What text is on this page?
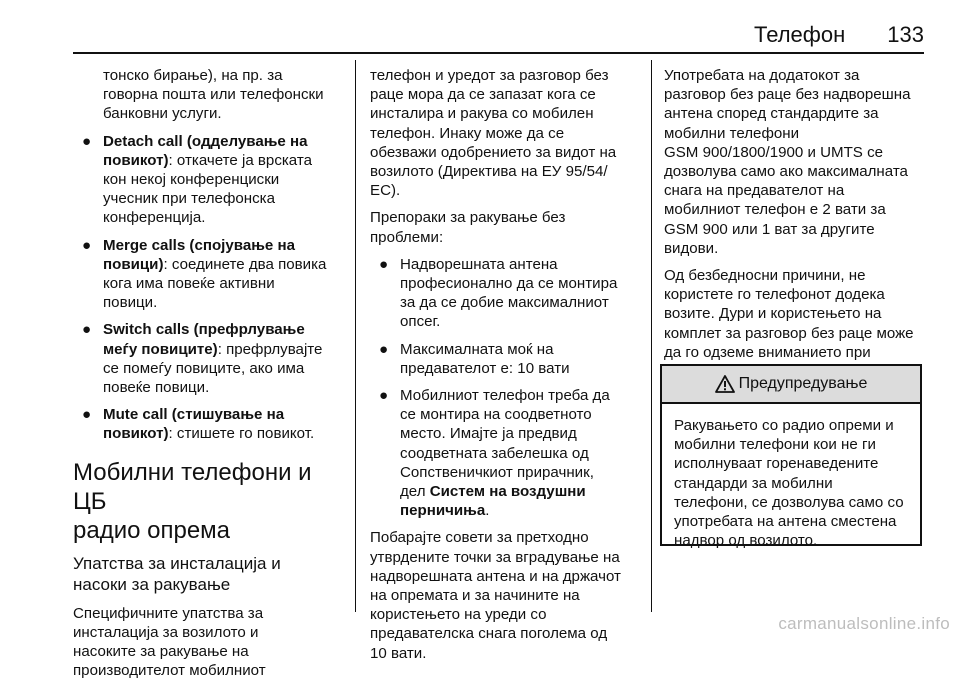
Телефон 133
тонско бирање), на пр. за
говорна пошта или телефонски
банковни услуги.
● Detach call (одделување на
повикот): откачете ја врската
кон некој конференциски
учесник при телефонска
конференција.
● Merge calls (спојување на
повици): соединете два повика
кога има повеќе активни
повици.
● Switch calls (префрлување
меѓу повиците): префрлувајте
се помеѓу повиците, ако има
повеќе повици.
● Mute call (стишување на
повикот): стишете го повикот.
Мобилни телефони и ЦБ
радио опрема
Упатства за инсталација и
насоки за ракување

Специфичните упатства за
инсталација за возилото и
насоките за ракување на
производителот мобилниот

телефон и уредот за разговор без
раце мора да се запазат кога се
инсталира и ракува со мобилен
телефон. Инаку може да се
обезважи одобрението за видот на
возилото (Директива на ЕУ 95/54/
EC).

Препораки за ракување без
проблеми:

● Надворешната антена
професионално да се монтира
за да се добие максималниот
опсег.
● Максималната моќ на
предавателот е: 10 вати
● Мобилниот телефон треба да
се монтира на соодветното
место. Имајте ја предвид
соодветната забелешка од
Сопственичкиот прирачник,
дел Систем на воздушни
перничиња.

Побарајте совети за претходно
утврдените точки за вградување на
надворешната антена и на држачот
на опремата и за начините на
користењето на уреди со
предавателска снага поголема од
10 вати.

Употребата на додатокот за
разговор без раце без надворешна
антена според стандардите за
мобилни телефони
GSM 900/1800/1900 и UMTS се
дозволува само ако максималната
снага на предавателот на
мобилниот телефон е 2 вати за
GSM 900 или 1 ват за другите
видови.

Од безбедносни причини, не
користете го телефонот додека
возите. Дури и користењето на
комплет за разговор без раце може
да го одземе вниманието при

Предупредување
Ракувањето со радио опреми и
мобилни телефони кои не ги
исполнуваат горенаведените
стандарди за мобилни
телефони, се дозволува само со
употребата на антена сместена
надвор од возилото.
carmanualsonline.info
